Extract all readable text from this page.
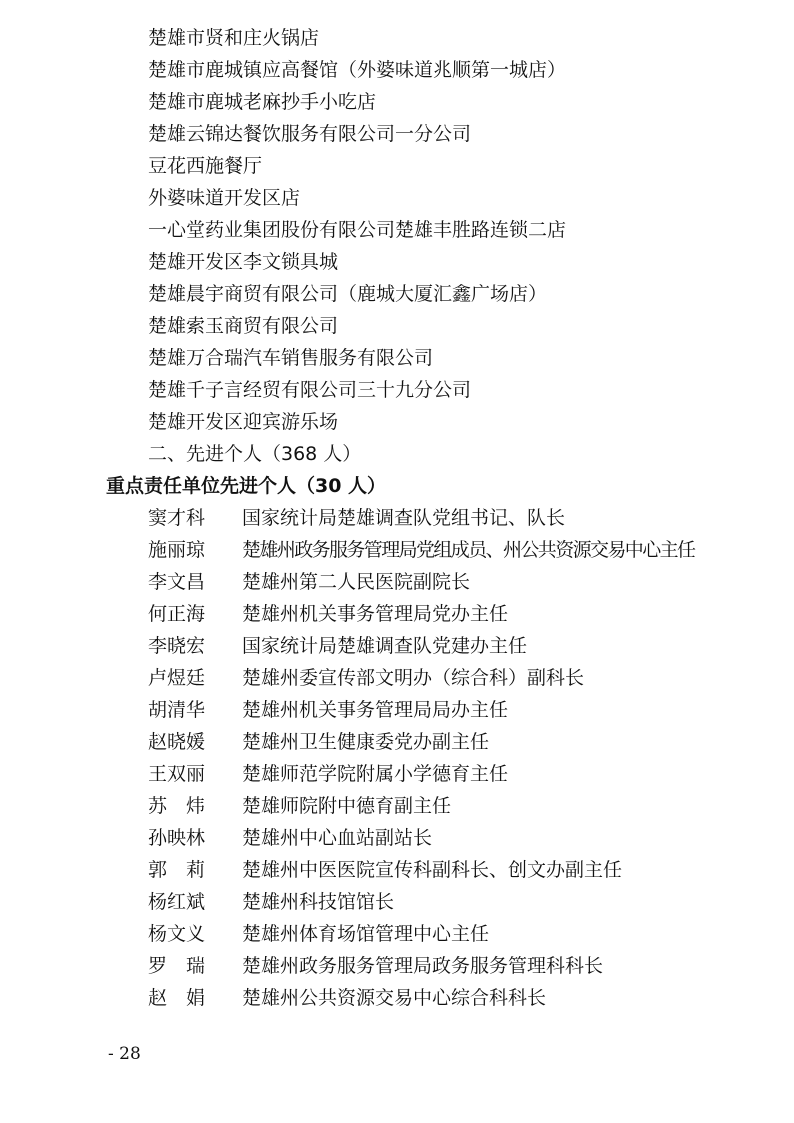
楚雄市贤和庄火锅店
楚雄市鹿城镇应高餐馆（外婆味道兆顺第一城店）
楚雄市鹿城老麻抄手小吃店
楚雄云锦达餐饮服务有限公司一分公司
豆花西施餐厅
外婆味道开发区店
一心堂药业集团股份有限公司楚雄丰胜路连锁二店
楚雄开发区李文锁具城
楚雄晨宇商贸有限公司（鹿城大厦汇鑫广场店）
楚雄索玉商贸有限公司
楚雄万合瑞汽车销售服务有限公司
楚雄千子言经贸有限公司三十九分公司
楚雄开发区迎宾游乐场
二、先进个人（368 人）
重点责任单位先进个人（30 人）
窦才科	国家统计局楚雄调查队党组书记、队长
施丽琼	楚雄州政务服务管理局党组成员、州公共资源交易中心主任
李文昌	楚雄州第二人民医院副院长
何正海	楚雄州机关事务管理局党办主任
李晓宏	国家统计局楚雄调查队党建办主任
卢煜廷	楚雄州委宣传部文明办（综合科）副科长
胡清华	楚雄州机关事务管理局局办主任
赵晓媛	楚雄州卫生健康委党办副主任
王双丽	楚雄师范学院附属小学德育主任
苏　炜	楚雄师院附中德育副主任
孙映林	楚雄州中心血站副站长
郭　莉	楚雄州中医医院宣传科副科长、创文办副主任
杨红斌	楚雄州科技馆馆长
杨文义	楚雄州体育场馆管理中心主任
罗　瑞	楚雄州政务服务管理局政务服务管理科科长
赵　娟	楚雄州公共资源交易中心综合科科长
- 28
